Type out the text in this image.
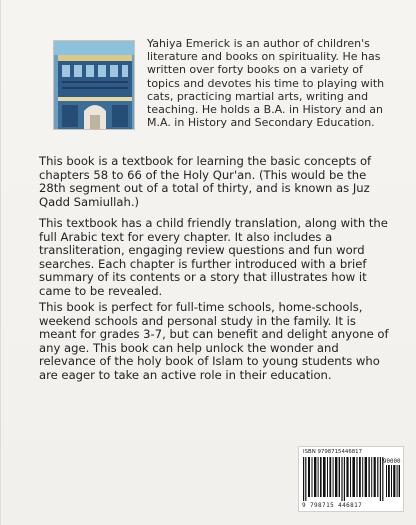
Yahiya Emerick is an author of children's literature and books on spirituality. He has written over forty books on a variety of topics and devotes his time to playing with cats, practicing martial arts, writing and teaching. He holds a B.A. in History and an M.A. in History and Secondary Education.

This book is a textbook for learning the basic concepts of chapters 58 to 66 of the Holy Qur'an. (This would be the 28th segment out of a total of thirty, and is known as Juz Qadd Samiullah.)

This textbook has a child friendly translation, along with the full Arabic text for every chapter. It also includes a transliteration, engaging review questions and fun word searches. Each chapter is further introduced with a brief summary of its contents or a story that illustrates how it came to be revealed.

This book is perfect for full-time schools, home-schools, weekend schools and personal study in the family. It is meant for grades 3-7, but can benefit and delight anyone of any age. This book can help unlock the wonder and relevance of the holy book of Islam to young students who are eager to take an active role in their education.

ISBN 9798715446817
90000
9 798715 446817
